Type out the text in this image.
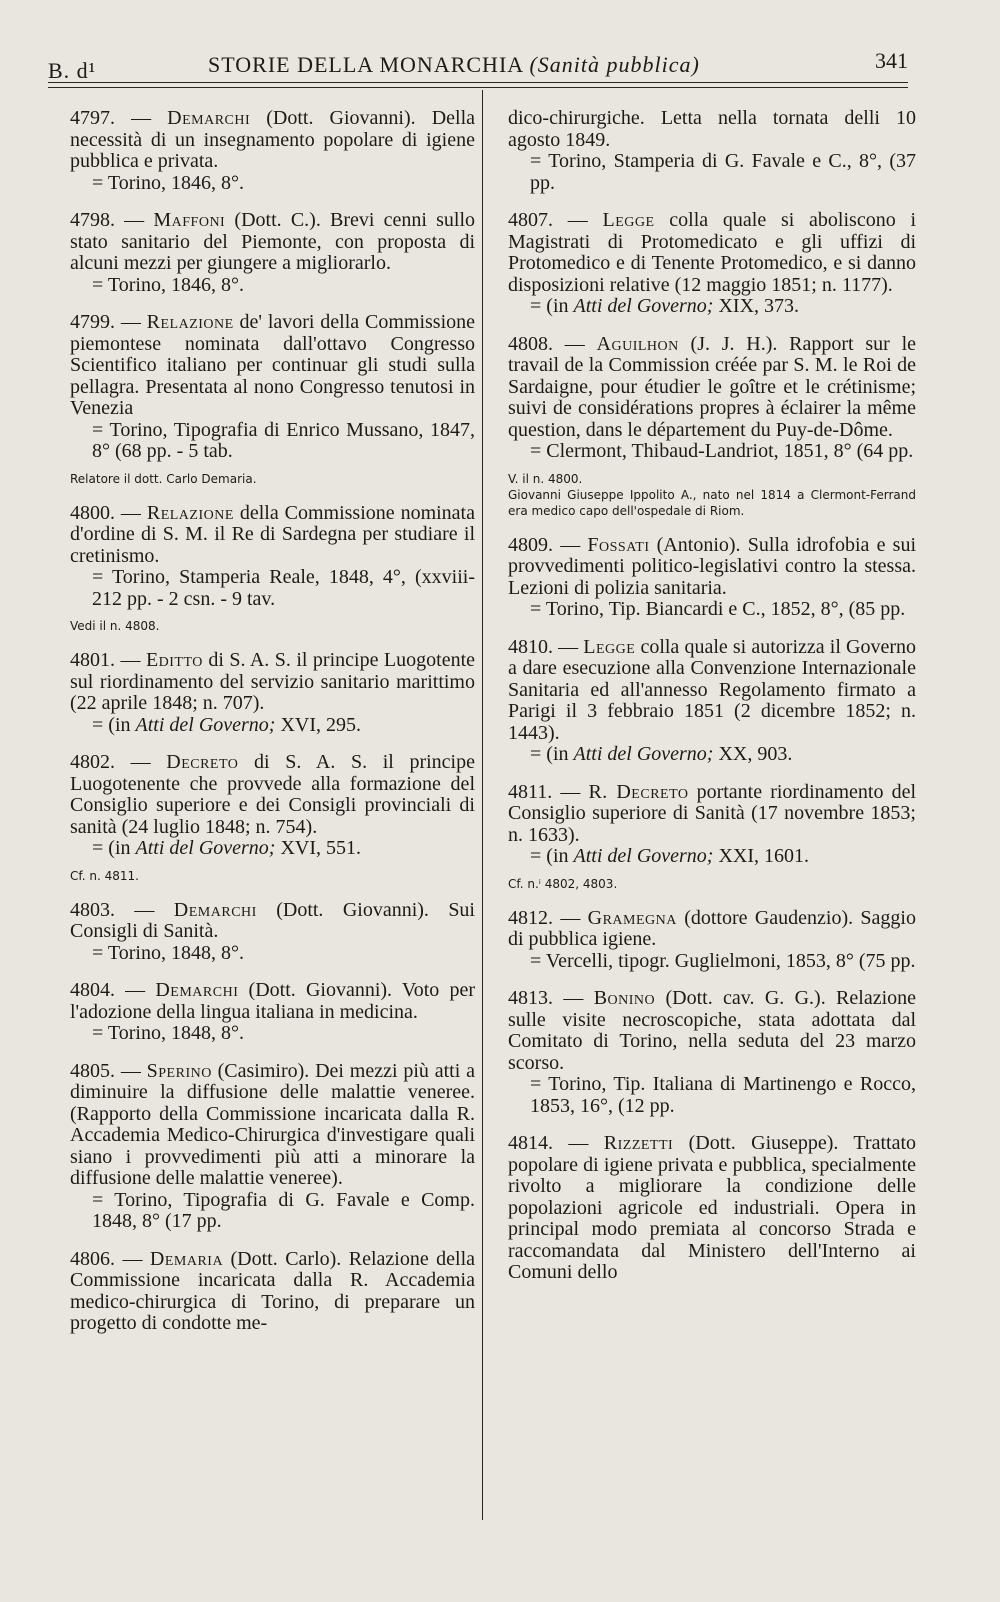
B. d¹	STORIE DELLA MONARCHIA (Sanità pubblica)	341

4797. — Demarchi (Dott. Giovanni). Della necessità di un insegnamento popolare di igiene pubblica e privata.

= Torino, 1846, 8°.

4798. — Maffoni (Dott. C.). Brevi cenni sullo stato sanitario del Piemonte, con proposta di alcuni mezzi per giungere a migliorarlo.

= Torino, 1846, 8°.

4799. — Relazione de' lavori della Commissione piemontese nominata dall'ottavo Congresso Scientifico italiano per continuar gli studi sulla pellagra. Presentata al nono Congresso tenutosi in Venezia

= Torino, Tipografia di Enrico Mussano, 1847, 8° (68 pp. - 5 tab.

Relatore il dott. Carlo Demaria.

4800. — Relazione della Commissione nominata d'ordine di S. M. il Re di Sardegna per studiare il cretinismo.

= Torino, Stamperia Reale, 1848, 4°, (xxviii-212 pp. - 2 csn. - 9 tav.

Vedi il n. 4808.

4801. — Editto di S. A. S. il principe Luogotente sul riordinamento del servizio sanitario marittimo (22 aprile 1848; n. 707).

= (in Atti del Governo; XVI, 295.

4802. — Decreto di S. A. S. il principe Luogotenente che provvede alla formazione del Consiglio superiore e dei Consigli provinciali di sanità (24 luglio 1848; n. 754).

= (in Atti del Governo; XVI, 551.

Cf. n. 4811.

4803. — Demarchi (Dott. Giovanni). Sui Consigli di Sanità.

= Torino, 1848, 8°.

4804. — Demarchi (Dott. Giovanni). Voto per l'adozione della lingua italiana in medicina.

= Torino, 1848, 8°.

4805. — Sperino (Casimiro). Dei mezzi più atti a diminuire la diffusione delle malattie veneree. (Rapporto della Commissione incaricata dalla R. Accademia Medico-Chirurgica d'investigare quali siano i provvedimenti più atti a minorare la diffusione delle malattie veneree).

= Torino, Tipografia di G. Favale e Comp. 1848, 8° (17 pp.

4806. — Demaria (Dott. Carlo). Relazione della Commissione incaricata dalla R. Accademia medico-chirurgica di Torino, di preparare un progetto di condotte me-

dico-chirurgiche. Letta nella tornata delli 10 agosto 1849.

= Torino, Stamperia di G. Favale e C., 8°, (37 pp.

4807. — Legge colla quale si aboliscono i Magistrati di Protomedicato e gli uffizi di Protomedico e di Tenente Protomedico, e si danno disposizioni relative (12 maggio 1851; n. 1177).

= (in Atti del Governo; XIX, 373.

4808. — Aguilhon (J. J. H.). Rapport sur le travail de la Commission créée par S. M. le Roi de Sardaigne, pour étudier le goître et le crétinisme; suivi de considérations propres à éclairer la même question, dans le département du Puy-de-Dôme.

= Clermont, Thibaud-Landriot, 1851, 8° (64 pp.

V. il n. 4800.
Giovanni Giuseppe Ippolito A., nato nel 1814 a Clermont-Ferrand era medico capo dell'ospedale di Riom.

4809. — Fossati (Antonio). Sulla idrofobia e sui provvedimenti politico-legislativi contro la stessa. Lezioni di polizia sanitaria.

= Torino, Tip. Biancardi e C., 1852, 8°, (85 pp.

4810. — Legge colla quale si autorizza il Governo a dare esecuzione alla Convenzione Internazionale Sanitaria ed all'annesso Regolamento firmato a Parigi il 3 febbraio 1851 (2 dicembre 1852; n. 1443).

= (in Atti del Governo; XX, 903.

4811. — R. Decreto portante riordinamento del Consiglio superiore di Sanità (17 novembre 1853; n. 1633).

= (in Atti del Governo; XXI, 1601.

Cf. n.ⁱ 4802, 4803.

4812. — Gramegna (dottore Gaudenzio). Saggio di pubblica igiene.

= Vercelli, tipogr. Guglielmoni, 1853, 8° (75 pp.

4813. — Bonino (Dott. cav. G. G.). Relazione sulle visite necroscopiche, stata adottata dal Comitato di Torino, nella seduta del 23 marzo scorso.

= Torino, Tip. Italiana di Martinengo e Rocco, 1853, 16°, (12 pp.

4814. — Rizzetti (Dott. Giuseppe). Trattato popolare di igiene privata e pubblica, specialmente rivolto a migliorare la condizione delle popolazioni agricole ed industriali. Opera in principal modo premiata al concorso Strada e raccomandata dal Ministero dell'Interno ai Comuni dello
